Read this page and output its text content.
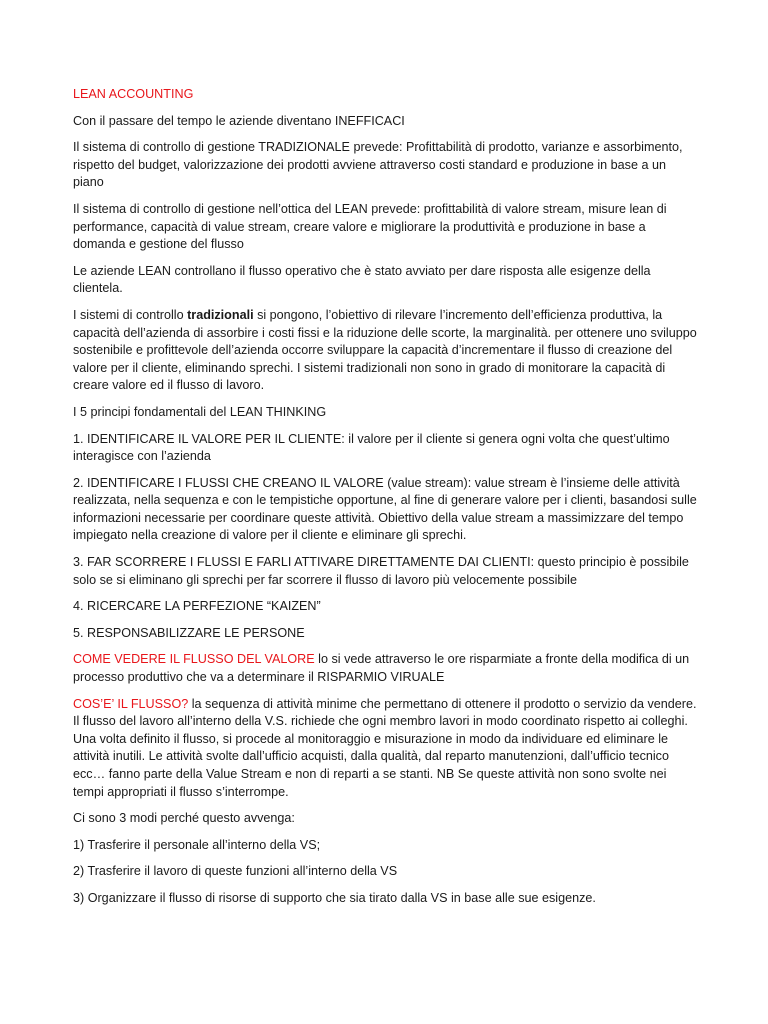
LEAN ACCOUNTING

Con il passare del tempo le aziende diventano INEFFICACI

Il sistema di controllo di gestione TRADIZIONALE prevede: Profittabilità di prodotto, varianze e assorbimento, rispetto del budget, valorizzazione dei prodotti avviene attraverso costi standard e produzione in base a un piano

Il sistema di controllo di gestione nell’ottica del LEAN prevede: profittabilità di valore stream, misure lean di performance, capacità di value stream, creare valore e migliorare la produttività e produzione in base a domanda e gestione del flusso

Le aziende LEAN controllano il flusso operativo che è stato avviato per dare risposta alle esigenze della clientela.

I sistemi di controllo tradizionali si pongono, l’obiettivo di rilevare l’incremento dell’efficienza produttiva, la capacità dell’azienda di assorbire i costi fissi e la riduzione delle scorte, la marginalità. per ottenere uno sviluppo sostenibile e profittevole dell’azienda occorre sviluppare la capacità d’incrementare il flusso di creazione del valore per il cliente, eliminando sprechi. I sistemi tradizionali non sono in grado di monitorare la capacità di creare valore ed il flusso di lavoro.

I 5 principi fondamentali del LEAN THINKING

1. IDENTIFICARE IL VALORE PER IL CLIENTE: il valore per il cliente si genera ogni volta che quest’ultimo interagisce con l’azienda

2. IDENTIFICARE I FLUSSI CHE CREANO IL VALORE (value stream): value stream è l’insieme delle attività realizzata, nella sequenza e con le tempistiche opportune, al fine di generare valore per i clienti, basandosi sulle informazioni necessarie per coordinare queste attività. Obiettivo della value stream a massimizzare del tempo impiegato nella creazione di valore per il cliente e eliminare gli sprechi.

3. FAR SCORRERE I FLUSSI E FARLI ATTIVARE DIRETTAMENTE DAI CLIENTI: questo principio è possibile solo se si eliminano gli sprechi per far scorrere il flusso di lavoro più velocemente possibile

4. RICERCARE LA PERFEZIONE “KAIZEN”

5. RESPONSABILIZZARE LE PERSONE

COME VEDERE IL FLUSSO DEL VALORE lo si vede attraverso le ore risparmiate a fronte della modifica di un processo produttivo che va a determinare il RISPARMIO VIRUALE

COS’E’ IL FLUSSO? la sequenza di attività minime che permettano di ottenere il prodotto o servizio da vendere. Il flusso del lavoro all’interno della V.S. richiede che ogni membro lavori in modo coordinato rispetto ai colleghi. Una volta definito il flusso, si procede al monitoraggio e misurazione in modo da individuare ed eliminare le attività inutili. Le attività svolte dall’ufficio acquisti, dalla qualità, dal reparto manutenzioni, dall’ufficio tecnico ecc… fanno parte della Value Stream e non di reparti a se stanti. NB Se queste attività non sono svolte nei tempi appropriati il flusso s’interrompe.

Ci sono 3 modi perché questo avvenga:

1) Trasferire il personale all’interno della VS;

2) Trasferire il lavoro di queste funzioni all’interno della VS

3) Organizzare il flusso di risorse di supporto che sia tirato dalla VS in base alle sue esigenze.
